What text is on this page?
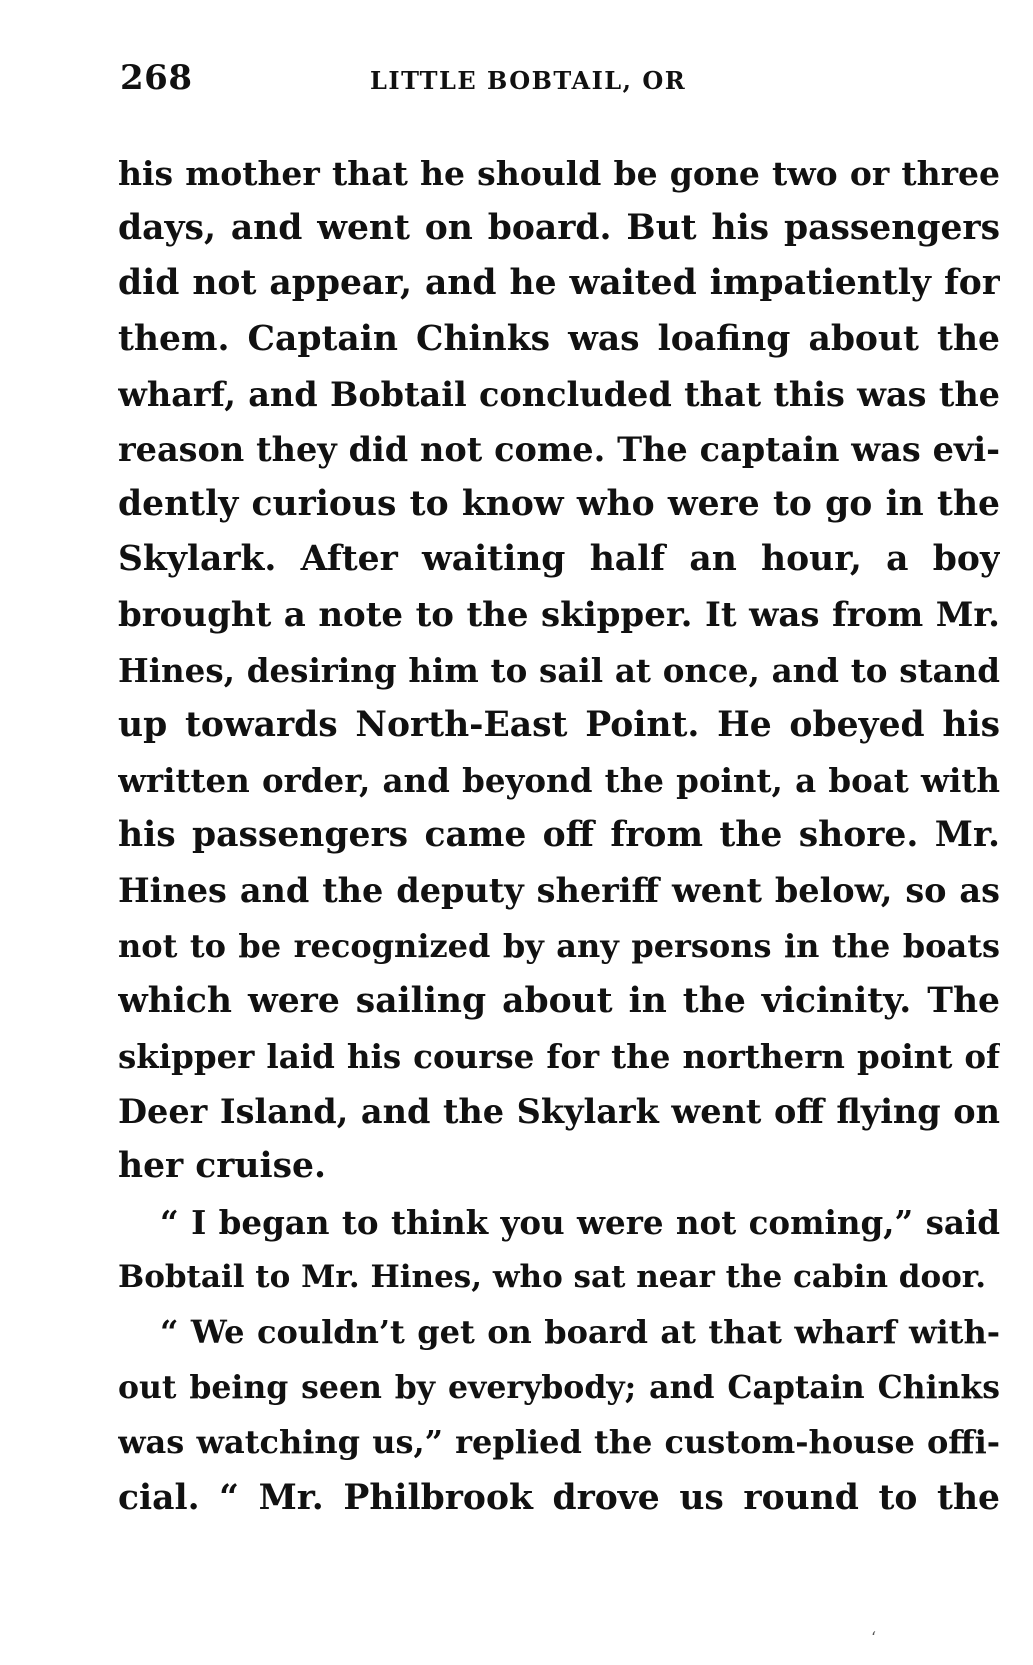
268	LITTLE BOBTAIL, OR
his mother that he should be gone two or three
days, and went on board. But his passengers
did not appear, and he waited impatiently for
them. Captain Chinks was loafing about the
wharf, and Bobtail concluded that this was the
reason they did not come. The captain was evi-
dently curious to know who were to go in the
Skylark. After waiting half an hour, a boy
brought a note to the skipper. It was from Mr.
Hines, desiring him to sail at once, and to stand
up towards North-East Point. He obeyed his
written order, and beyond the point, a boat with
his passengers came off from the shore. Mr.
Hines and the deputy sheriff went below, so as
not to be recognized by any persons in the boats
which were sailing about in the vicinity. The
skipper laid his course for the northern point of
Deer Island, and the Skylark went off flying on
her cruise.
“ I began to think you were not coming,” said
Bobtail to Mr. Hines, who sat near the cabin door.
“ We couldn’t get on board at that wharf with-
out being seen by everybody; and Captain Chinks
was watching us,” replied the custom-house offi-
cial. “ Mr. Philbrook drove us round to the
ʻ
